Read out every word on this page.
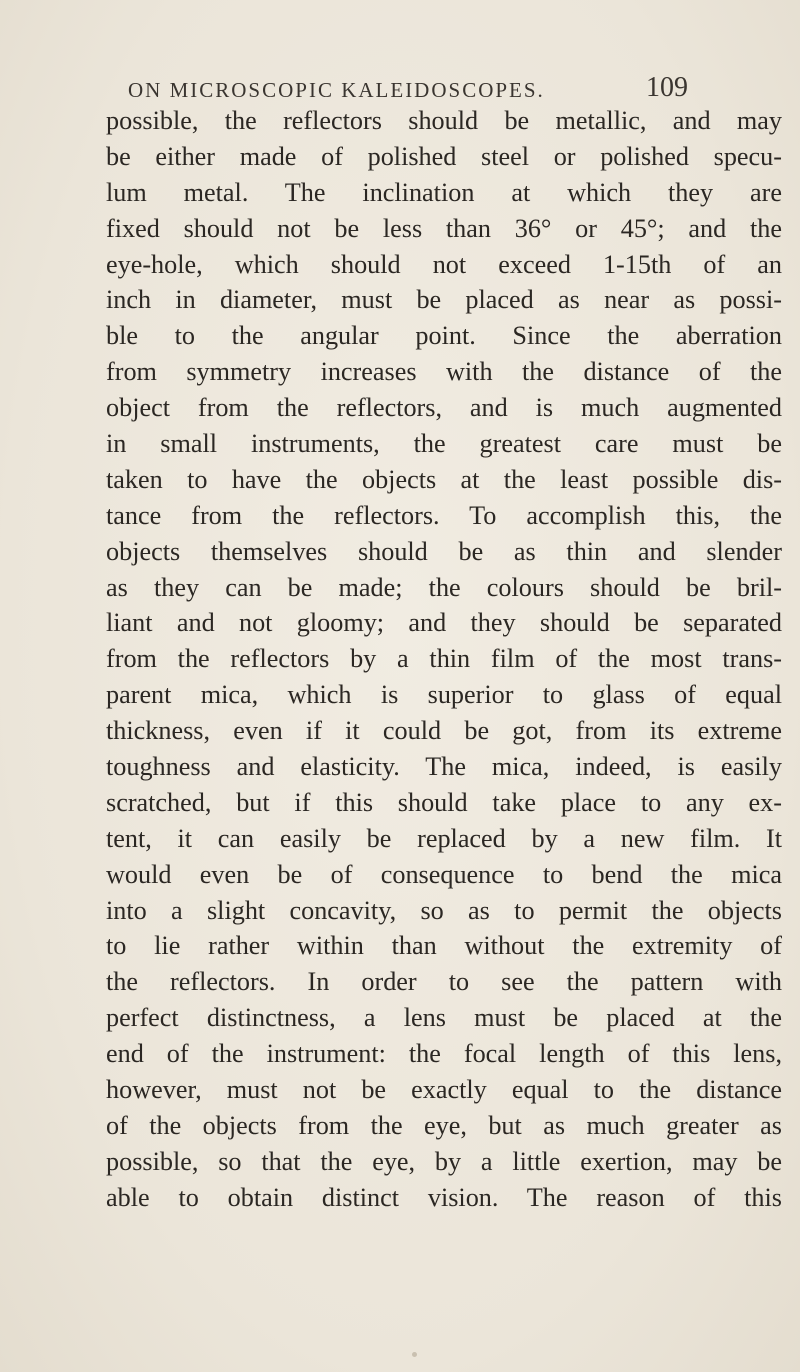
ON MICROSCOPIC KALEIDOSCOPES.	109
possible, the reflectors should be metallic, and may
be either made of polished steel or polished specu-
lum metal. The inclination at which they are
fixed should not be less than 36° or 45°; and the
eye-hole, which should not exceed 1-15th of an
inch in diameter, must be placed as near as possi-
ble to the angular point. Since the aberration
from symmetry increases with the distance of the
object from the reflectors, and is much augmented
in small instruments, the greatest care must be
taken to have the objects at the least possible dis-
tance from the reflectors. To accomplish this, the
objects themselves should be as thin and slender
as they can be made; the colours should be bril-
liant and not gloomy; and they should be separated
from the reflectors by a thin film of the most trans-
parent mica, which is superior to glass of equal
thickness, even if it could be got, from its extreme
toughness and elasticity. The mica, indeed, is easily
scratched, but if this should take place to any ex-
tent, it can easily be replaced by a new film. It
would even be of consequence to bend the mica
into a slight concavity, so as to permit the objects
to lie rather within than without the extremity of
the reflectors. In order to see the pattern with
perfect distinctness, a lens must be placed at the
end of the instrument: the focal length of this lens,
however, must not be exactly equal to the distance
of the objects from the eye, but as much greater as
possible, so that the eye, by a little exertion, may be
able to obtain distinct vision. The reason of this
